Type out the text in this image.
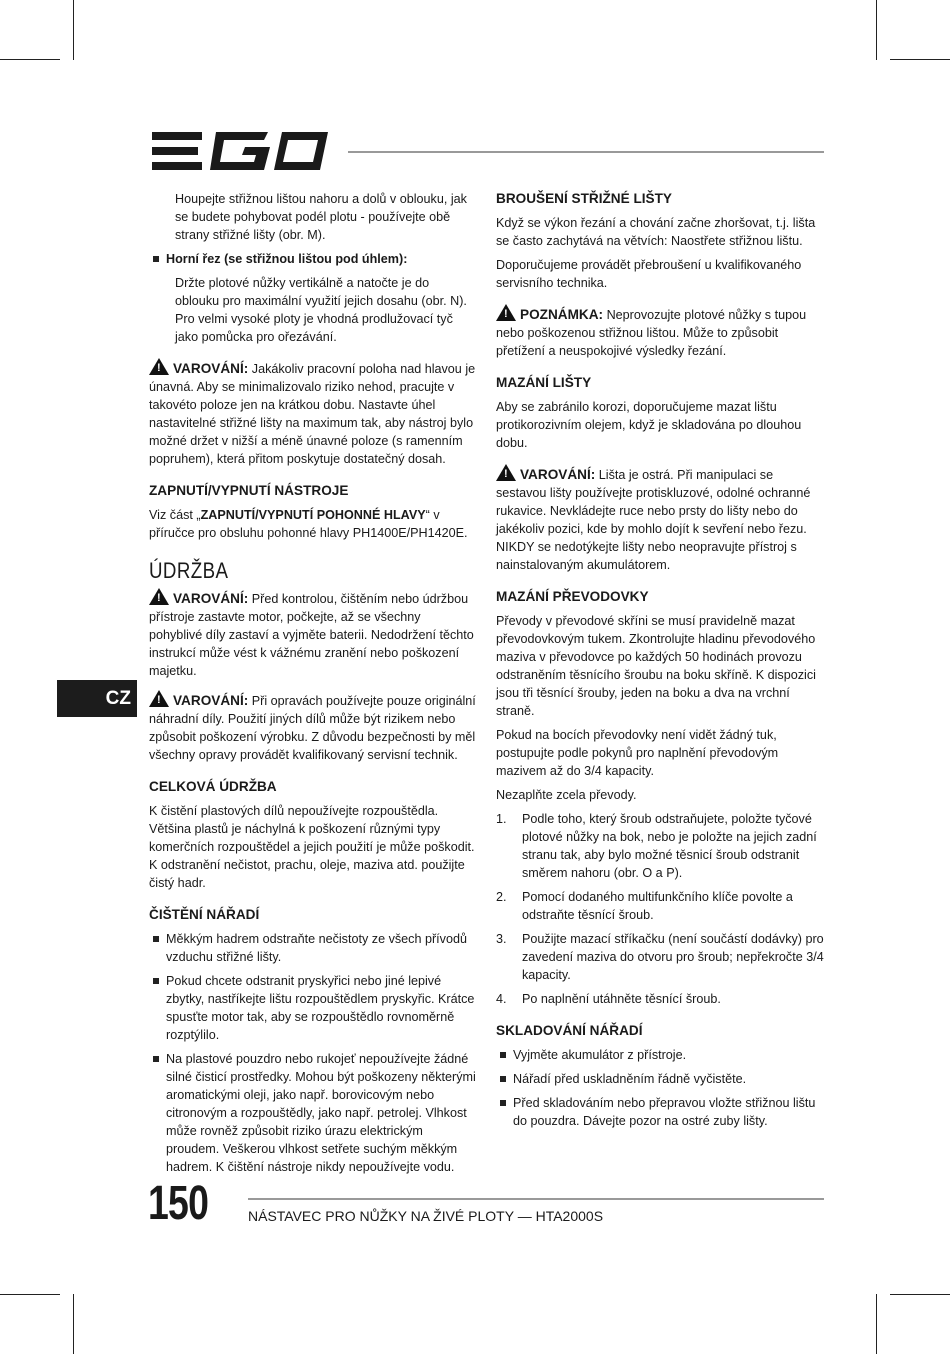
Houpejte střižnou lištou nahoru a dolů v oblouku, jak se budete pohybovat podél plotu - používejte obě strany střižné lišty (obr. M).

Horní řez (se střižnou lištou pod úhlem):

Držte plotové nůžky vertikálně a natočte je do oblouku pro maximální využití jejich dosahu (obr. N). Pro velmi vysoké ploty je vhodná prodlužovací tyč jako pomůcka pro ořezávání.

!VAROVÁNÍ: Jakákoliv pracovní poloha nad hlavou je únavná. Aby se minimalizovalo riziko nehod, pracujte v takovéto poloze jen na krátkou dobu. Nastavte úhel nastavitelné střižné lišty na maximum tak, aby nástroj bylo možné držet v nižší a méně únavné poloze (s ramenním popruhem), která přitom poskytuje dostatečný dosah.

ZAPNUTÍ/VYPNUTÍ NÁSTROJE

Viz část „ZAPNUTÍ/VYPNUTÍ POHONNÉ HLAVY“ v příručce pro obsluhu pohonné hlavy PH1400E/PH1420E.

ÚDRŽBA

!VAROVÁNÍ: Před kontrolou, čištěním nebo údržbou přístroje zastavte motor, počkejte, až se všechny pohyblivé díly zastaví a vyjměte baterii. Nedodržení těchto instrukcí může vést k vážnému zranění nebo poškození majetku.

!VAROVÁNÍ: Při opravách používejte pouze originální náhradní díly. Použití jiných dílů může být rizikem nebo způsobit poškození výrobku. Z důvodu bezpečnosti by měl všechny opravy provádět kvalifikovaný servisní technik.

CELKOVÁ ÚDRŽBA

K čistění plastových dílů nepoužívejte rozpouštědla. Většina plastů je náchylná k poškození různými typy komerčních rozpouštědel a jejich použití je může poškodit. K odstranění nečistot, prachu, oleje, maziva atd. použijte čistý hadr.

ČIŠTĚNÍ NÁŘADÍ
Měkkým hadrem odstraňte nečistoty ze všech přívodů vzduchu střižné lišty.
Pokud chcete odstranit pryskyřici nebo jiné lepivé zbytky, nastříkejte lištu rozpouštědlem pryskyřic. Krátce spusťte motor tak, aby se rozpouštědlo rovnoměrně rozptýlilo.
Na plastové pouzdro nebo rukojeť nepoužívejte žádné silné čisticí prostředky. Mohou být poškozeny některými aromatickými oleji, jako např. borovicovým nebo citronovým a rozpouštědly, jako např. petrolej. Vlhkost může rovněž způsobit riziko úrazu elektrickým proudem. Veškerou vlhkost setřete suchým měkkým hadrem. K čištění nástroje nikdy nepoužívejte vodu.
BROUŠENÍ STŘIŽNÉ LIŠTY

Když se výkon řezání a chování začne zhoršovat, t.j. lišta se často zachytává na větvích: Naostřete střižnou lištu.

Doporučujeme provádět přebroušení u kvalifikovaného servisního technika.

!POZNÁMKA: Neprovozujte plotové nůžky s tupou nebo poškozenou střižnou lištou. Může to způsobit přetížení a neuspokojivé výsledky řezání.

MAZÁNÍ LIŠTY

Aby se zabránilo korozi, doporučujeme mazat lištu protikorozivním olejem, když je skladována po dlouhou dobu.

!VAROVÁNÍ: Lišta je ostrá. Při manipulaci se sestavou lišty používejte protiskluzové, odolné ochranné rukavice. Nevkládejte ruce nebo prsty do lišty nebo do jakékoliv pozici, kde by mohlo dojít k sevření nebo řezu. NIKDY se nedotýkejte lišty nebo neopravujte přístroj s nainstalovaným akumulátorem.

MAZÁNÍ PŘEVODOVKY

Převody v převodové skříni se musí pravidelně mazat převodovkovým tukem. Zkontrolujte hladinu převodového maziva v převodovce po každých 50 hodinách provozu odstraněním těsnícího šroubu na boku skříně. K dispozici jsou tři těsnící šrouby, jeden na boku a dva na vrchní straně.

Pokud na bocích převodovky není vidět žádný tuk, postupujte podle pokynů pro naplnění převodovým mazivem až do 3/4 kapacity.

Nezaplňte zcela převody.

1. Podle toho, který šroub odstraňujete, položte tyčové plotové nůžky na bok, nebo je položte na jejich zadní stranu tak, aby bylo možné těsnicí šroub odstranit směrem nahoru (obr. O a P).
2. Pomocí dodaného multifunkčního klíče povolte a odstraňte těsnící šroub.
3. Použijte mazací stříkačku (není součástí dodávky) pro zavedení maziva do otvoru pro šroub; nepřekročte 3/4 kapacity.
4. Po naplnění utáhněte těsnící šroub.
SKLADOVÁNÍ NÁŘADÍ
Vyjměte akumulátor z přístroje.
Nářadí před uskladněním řádně vyčistěte.
Před skladováním nebo přepravou vložte střižnou lištu do pouzdra. Dávejte pozor na ostré zuby lišty.
CZ
150	NÁSTAVEC PRO NŮŽKY NA ŽIVÉ PLOTY — HTA2000S
